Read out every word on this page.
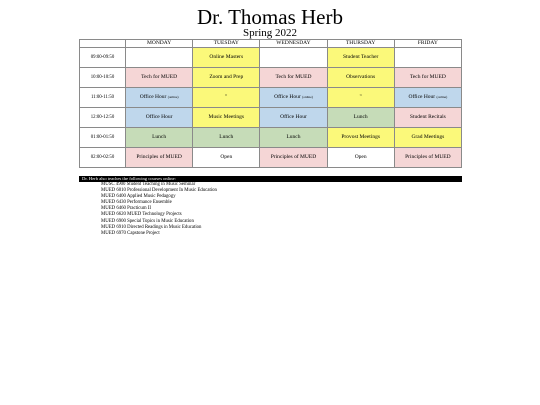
Dr. Thomas Herb
Spring 2022
	MONDAY	TUESDAY	WEDNESDAY	THURSDAY	FRIDAY
09:00-09:50		Online Masters		Student Teacher	
10:00-10:50	Tech for MUED	Zoom and Prep	Tech for MUED	Observations	Tech for MUED
11:00-11:50	Office Hour (online)	"	Office Hour (online)	"	Office Hour (online)
12:00-12:50	Office Hour	Music Meetings	Office Hour	Lunch	Student Recitals
01:00-01:50	Lunch	Lunch	Lunch	Provost Meetings	Grad Meetings
02:00-02:50	Principles of MUED	Open	Principles of MUED	Open	Principles of MUED
Dr. Herb also teaches the following courses online:
MUSC 4900 Student Teaching in Music Seminar
MUED 6010 Professional Development In Music Education
MUED 6400 Applied Music Pedagogy
MUED 6430 Performance Ensemble
MUED 6460 Practicum II
MUED 6620 MUED Technology Projects
MUED 6900 Special Topics in Music Education
MUED 6910 Directed Readings in Music Education
MUED 6970 Capstone Project
